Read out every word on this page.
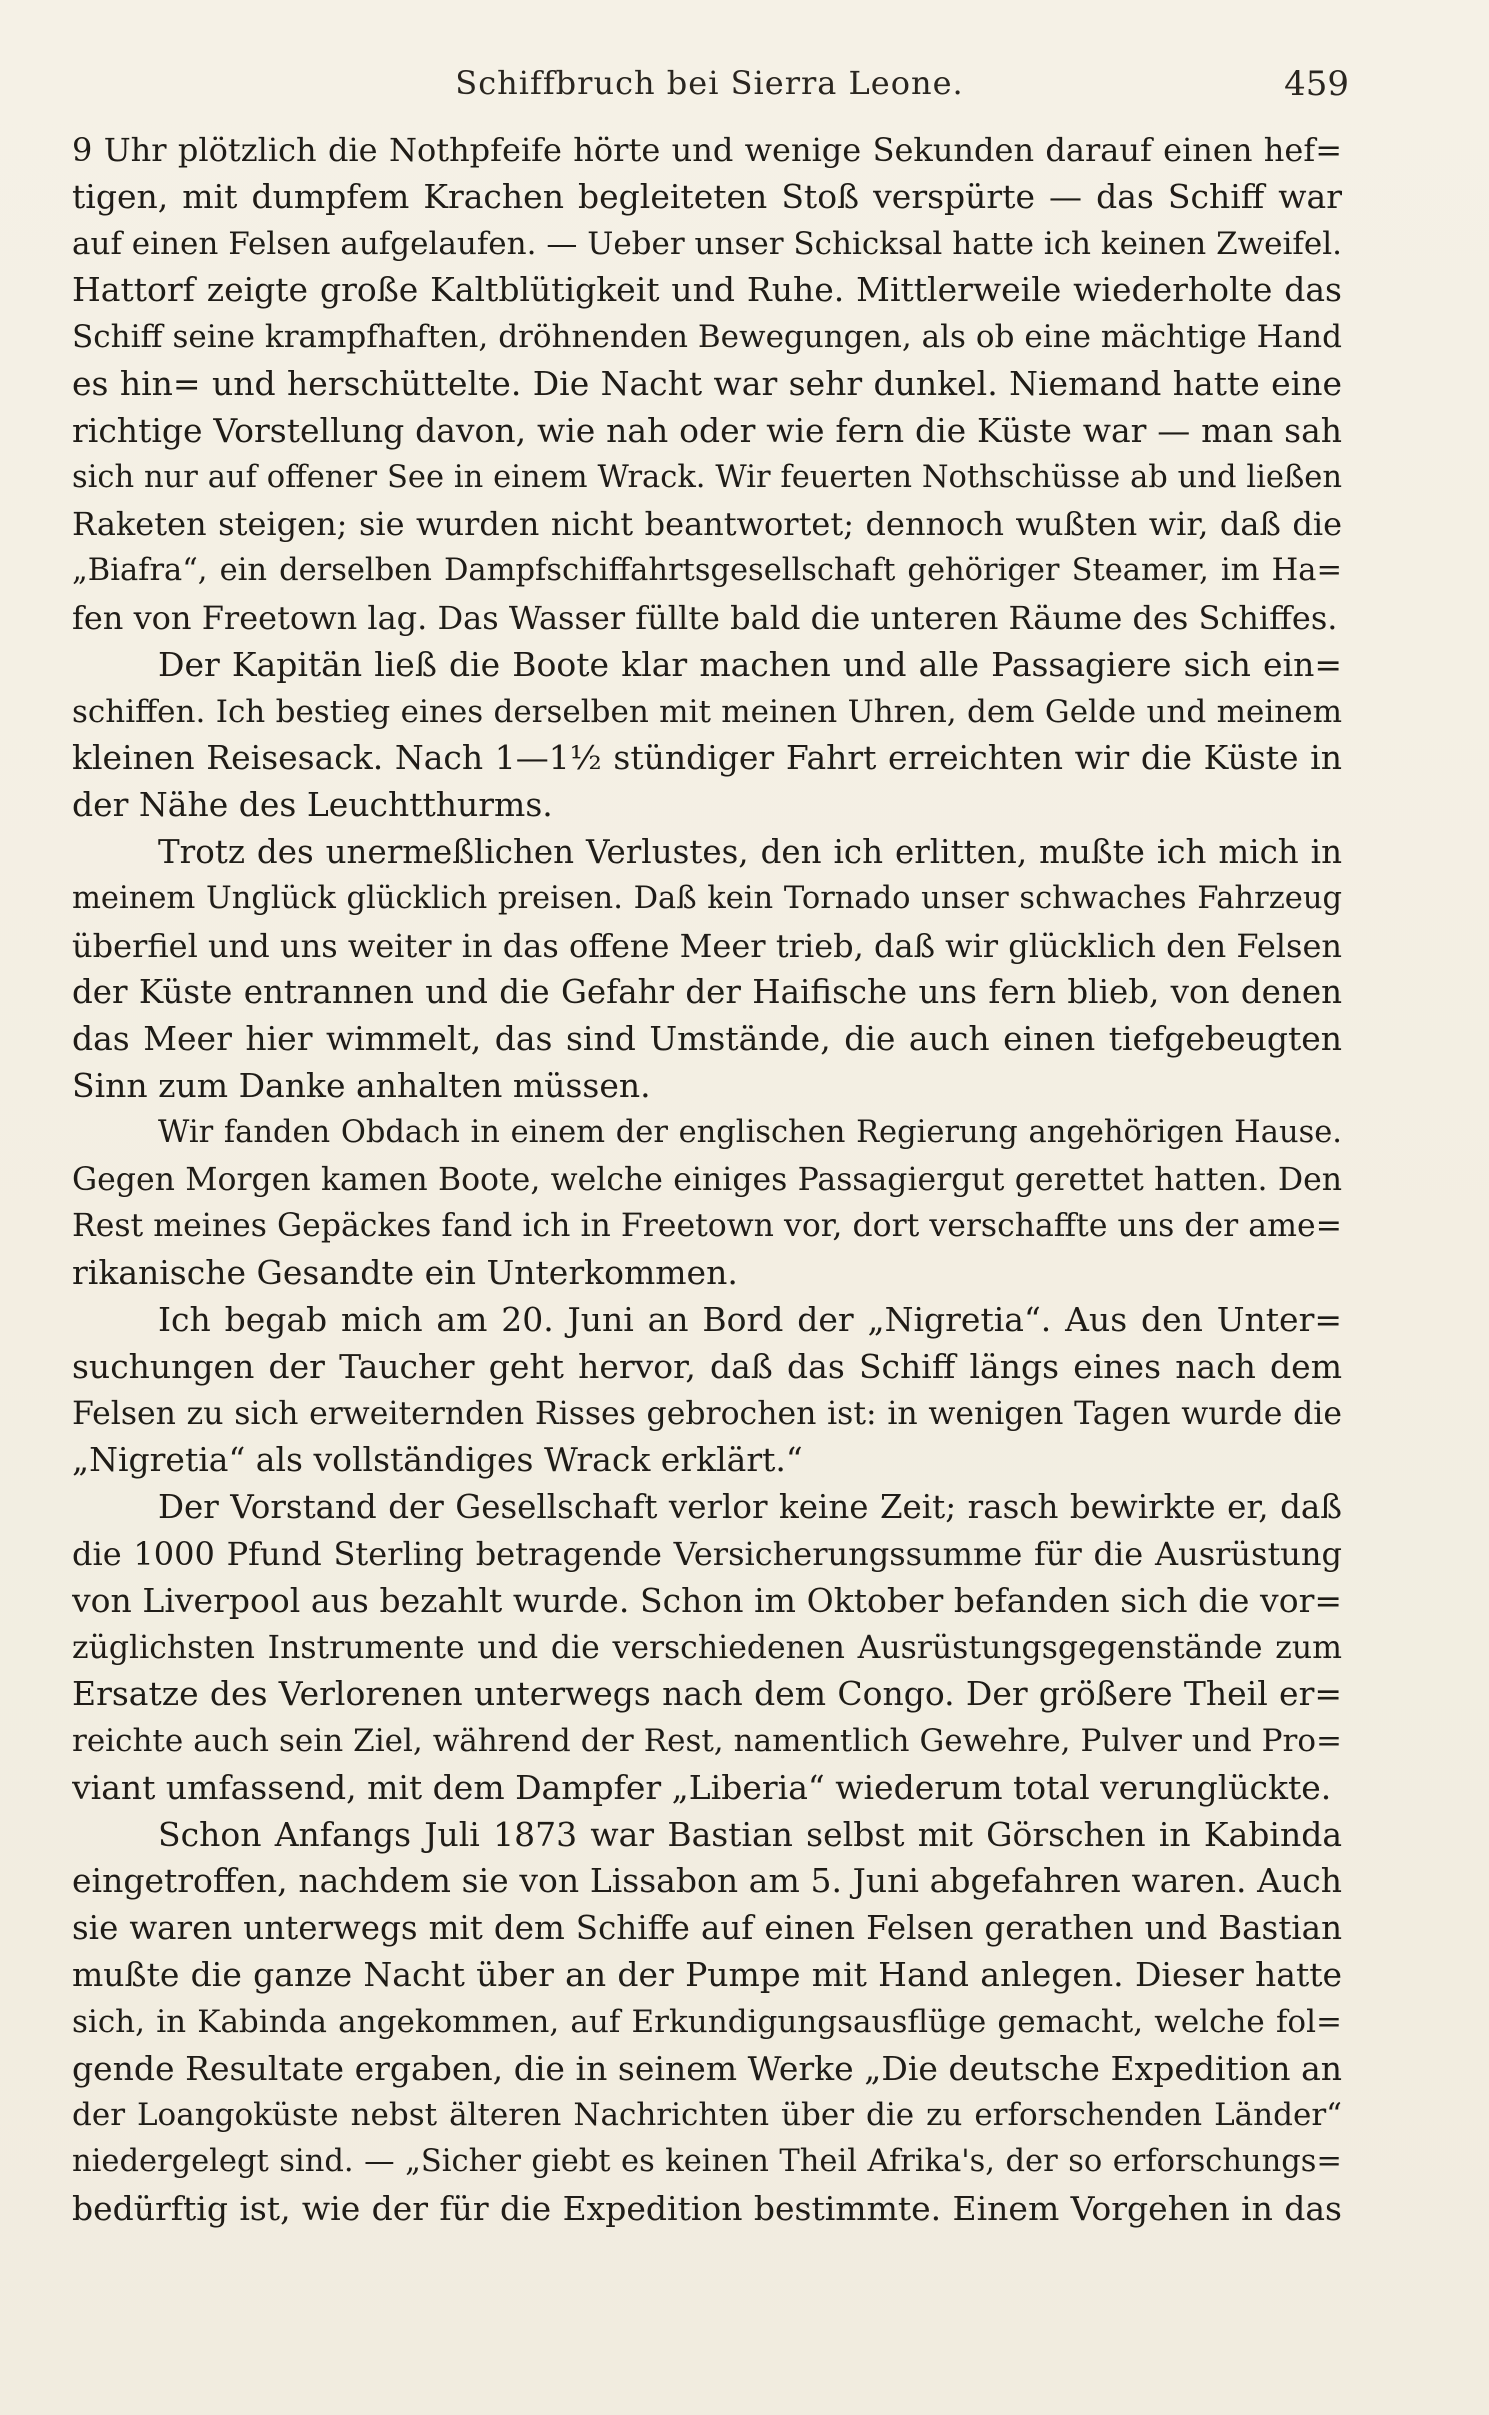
Schiffbruch bei Sierra Leone.	459
9 Uhr plötzlich die Nothpfeife hörte und wenige Sekunden darauf einen hef=
tigen, mit dumpfem Krachen begleiteten Stoß verspürte — das Schiff war
auf einen Felsen aufgelaufen. — Ueber unser Schicksal hatte ich keinen Zweifel.
Hattorf zeigte große Kaltblütigkeit und Ruhe. Mittlerweile wiederholte das
Schiff seine krampfhaften, dröhnenden Bewegungen, als ob eine mächtige Hand
es hin= und herschüttelte. Die Nacht war sehr dunkel. Niemand hatte eine
richtige Vorstellung davon, wie nah oder wie fern die Küste war — man sah
sich nur auf offener See in einem Wrack. Wir feuerten Nothschüsse ab und ließen
Raketen steigen; sie wurden nicht beantwortet; dennoch wußten wir, daß die
„Biafra“, ein derselben Dampfschiffahrtsgesellschaft gehöriger Steamer, im Ha=
fen von Freetown lag. Das Wasser füllte bald die unteren Räume des Schiffes.
Der Kapitän ließ die Boote klar machen und alle Passagiere sich ein=
schiffen. Ich bestieg eines derselben mit meinen Uhren, dem Gelde und meinem
kleinen Reisesack. Nach 1—1½ stündiger Fahrt erreichten wir die Küste in
der Nähe des Leuchtthurms.
Trotz des unermeßlichen Verlustes, den ich erlitten, mußte ich mich in
meinem Unglück glücklich preisen. Daß kein Tornado unser schwaches Fahrzeug
überfiel und uns weiter in das offene Meer trieb, daß wir glücklich den Felsen
der Küste entrannen und die Gefahr der Haifische uns fern blieb, von denen
das Meer hier wimmelt, das sind Umstände, die auch einen tiefgebeugten
Sinn zum Danke anhalten müssen.
Wir fanden Obdach in einem der englischen Regierung angehörigen Hause.
Gegen Morgen kamen Boote, welche einiges Passagiergut gerettet hatten. Den
Rest meines Gepäckes fand ich in Freetown vor, dort verschaffte uns der ame=
rikanische Gesandte ein Unterkommen.
Ich begab mich am 20. Juni an Bord der „Nigretia“. Aus den Unter=
suchungen der Taucher geht hervor, daß das Schiff längs eines nach dem
Felsen zu sich erweiternden Risses gebrochen ist: in wenigen Tagen wurde die
„Nigretia“ als vollständiges Wrack erklärt.“
Der Vorstand der Gesellschaft verlor keine Zeit; rasch bewirkte er, daß
die 1000 Pfund Sterling betragende Versicherungssumme für die Ausrüstung
von Liverpool aus bezahlt wurde. Schon im Oktober befanden sich die vor=
züglichsten Instrumente und die verschiedenen Ausrüstungsgegenstände zum
Ersatze des Verlorenen unterwegs nach dem Congo. Der größere Theil er=
reichte auch sein Ziel, während der Rest, namentlich Gewehre, Pulver und Pro=
viant umfassend, mit dem Dampfer „Liberia“ wiederum total verunglückte.
Schon Anfangs Juli 1873 war Bastian selbst mit Görschen in Kabinda
eingetroffen, nachdem sie von Lissabon am 5. Juni abgefahren waren. Auch
sie waren unterwegs mit dem Schiffe auf einen Felsen gerathen und Bastian
mußte die ganze Nacht über an der Pumpe mit Hand anlegen. Dieser hatte
sich, in Kabinda angekommen, auf Erkundigungsausflüge gemacht, welche fol=
gende Resultate ergaben, die in seinem Werke „Die deutsche Expedition an
der Loangoküste nebst älteren Nachrichten über die zu erforschenden Länder“
niedergelegt sind. — „Sicher giebt es keinen Theil Afrika's, der so erforschungs=
bedürftig ist, wie der für die Expedition bestimmte. Einem Vorgehen in das
